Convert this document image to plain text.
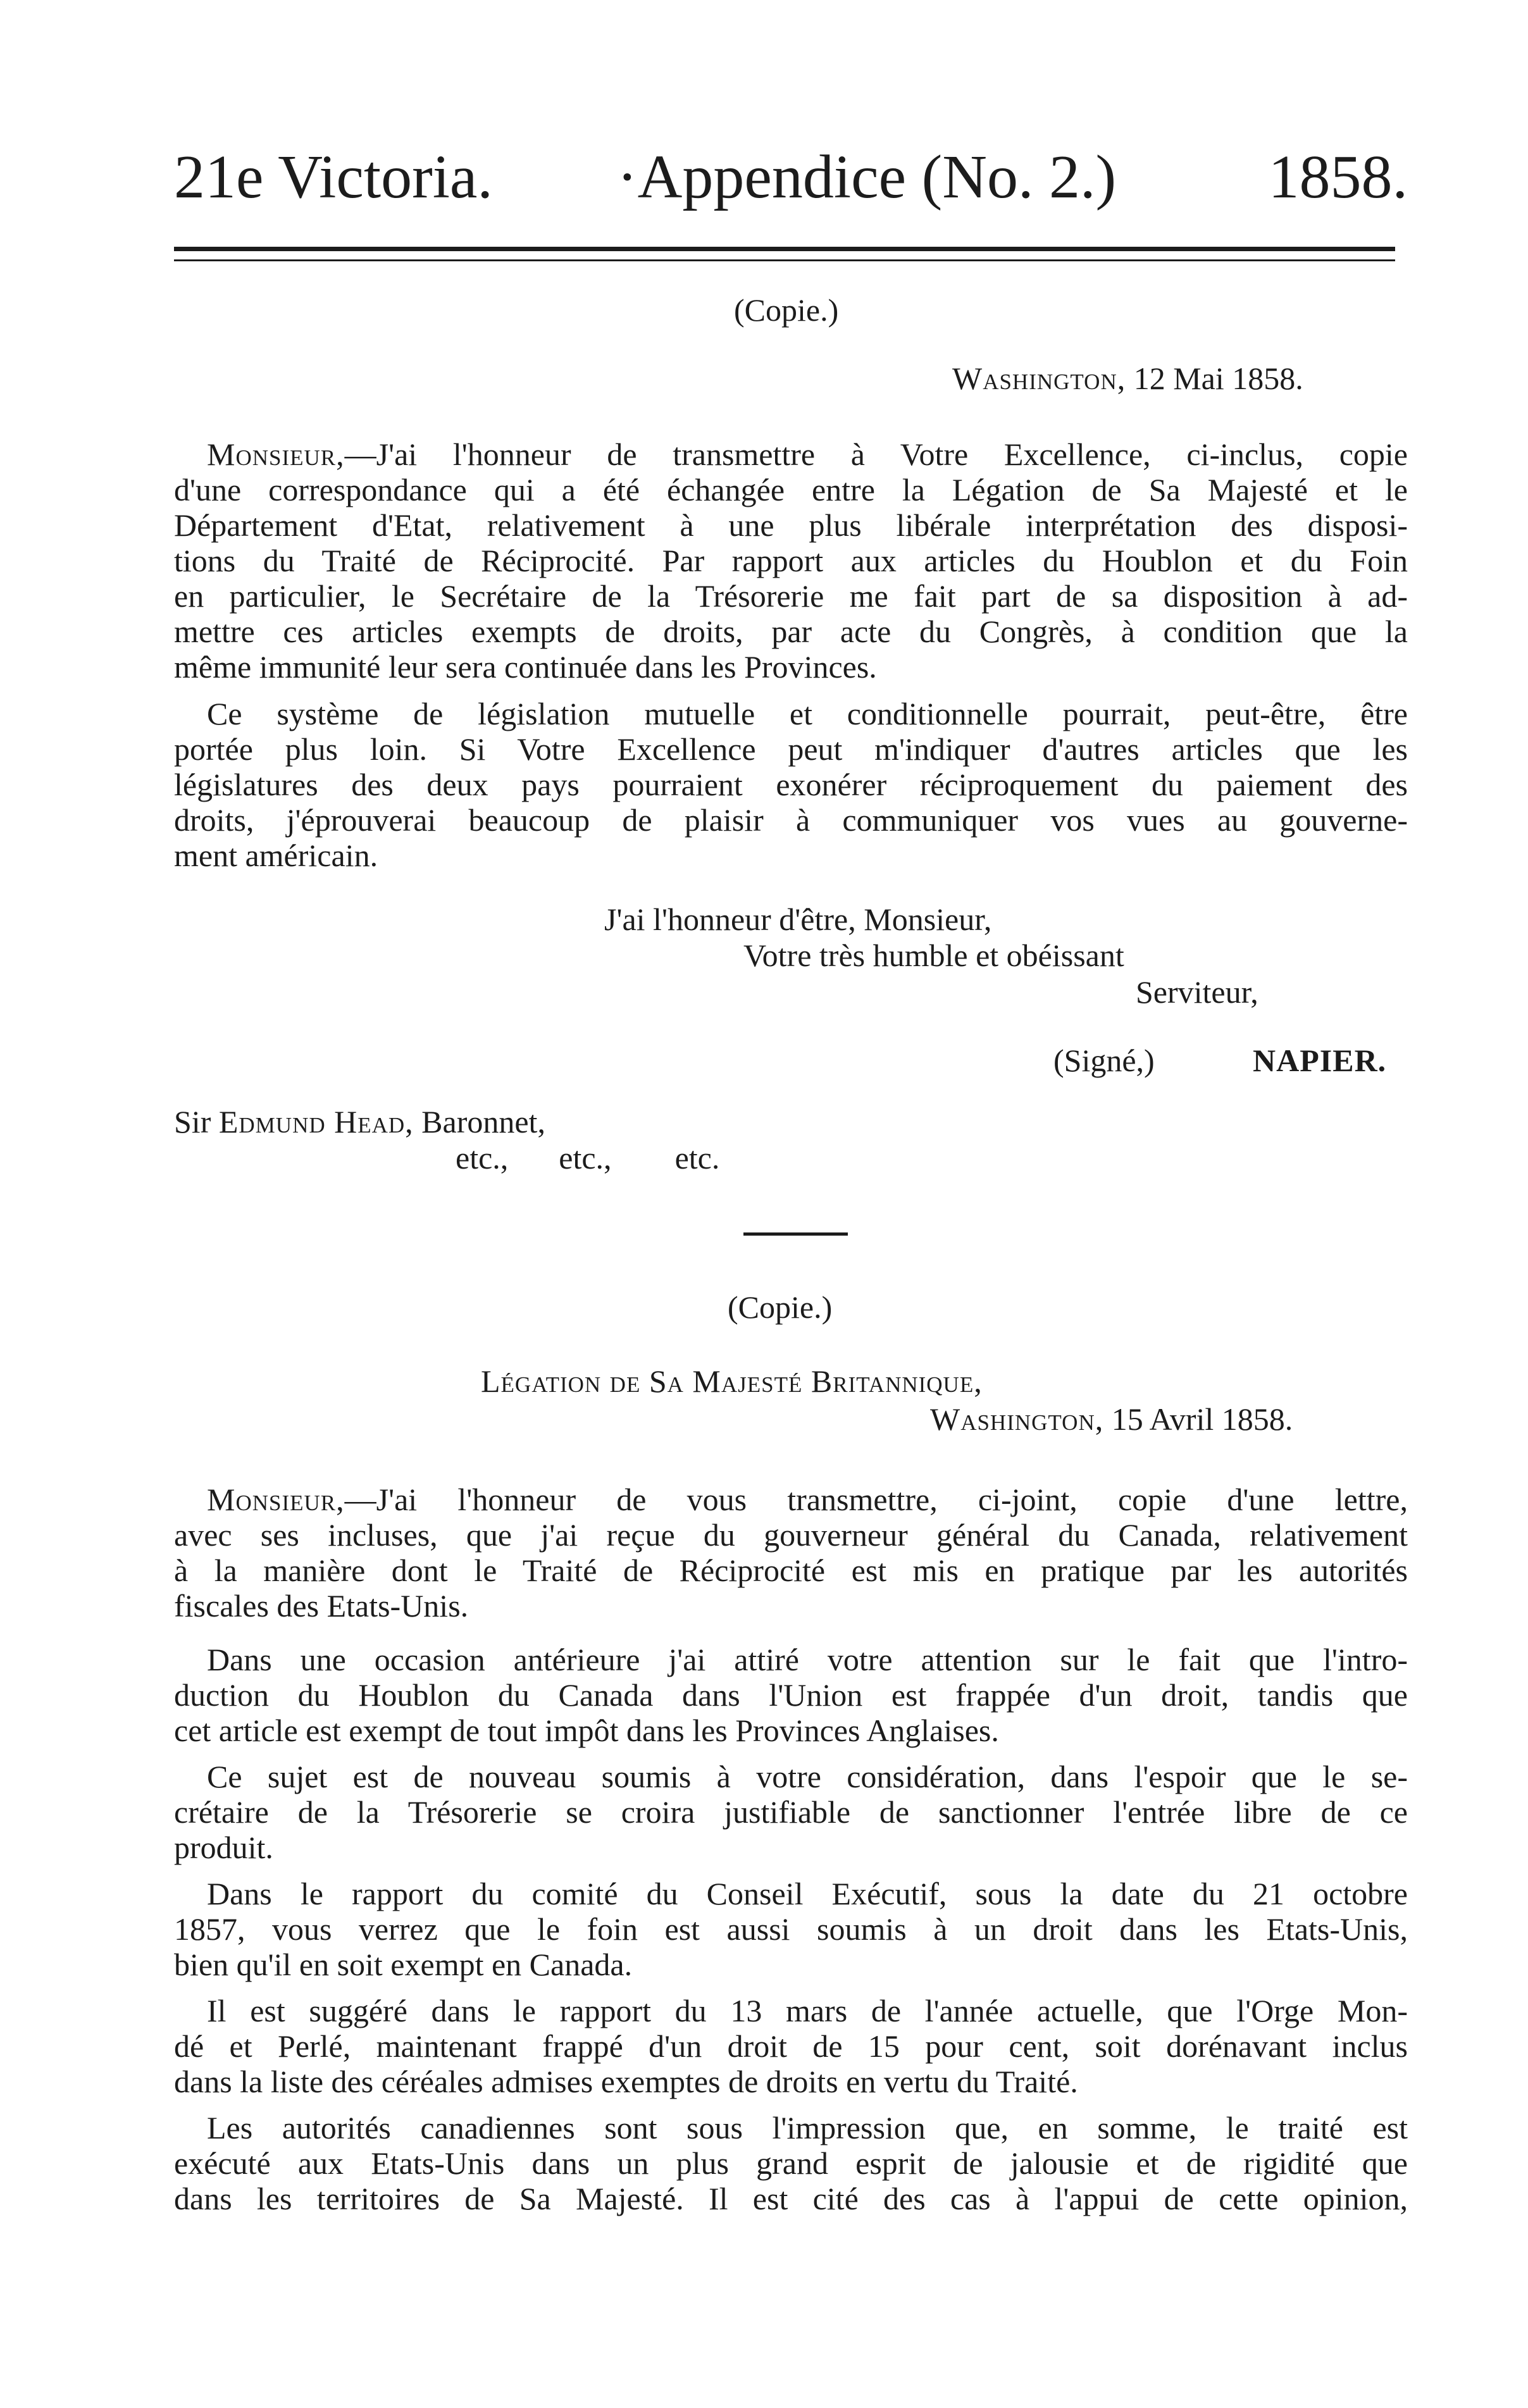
21e Victoria. ·Appendice (No. 2.) 1858.
(Copie.)
Washington, 12 Mai 1858.
Monsieur,—J'ai l'honneur de transmettre à Votre Excellence, ci-inclus, copie
d'une correspondance qui a été échangée entre la Légation de Sa Majesté et le
Département d'Etat, relativement à une plus libérale interprétation des disposi-
tions du Traité de Réciprocité. Par rapport aux articles du Houblon et du Foin
en particulier, le Secrétaire de la Trésorerie me fait part de sa disposition à ad-
mettre ces articles exempts de droits, par acte du Congrès, à condition que la
même immunité leur sera continuée dans les Provinces.
Ce système de législation mutuelle et conditionnelle pourrait, peut-être, être
portée plus loin. Si Votre Excellence peut m'indiquer d'autres articles que les
législatures des deux pays pourraient exonérer réciproquement du paiement des
droits, j'éprouverai beaucoup de plaisir à communiquer vos vues au gouverne-
ment américain.
J'ai l'honneur d'être, Monsieur,
Votre très humble et obéissant
Serviteur,
(Signé,)	NAPIER.
Sir Edmund Head, Baronnet,
etc., etc., etc.
(Copie.)
Légation de Sa Majesté Britannique,
Washington, 15 Avril 1858.
Monsieur,—J'ai l'honneur de vous transmettre, ci-joint, copie d'une lettre,
avec ses incluses, que j'ai reçue du gouverneur général du Canada, relativement
à la manière dont le Traité de Réciprocité est mis en pratique par les autorités
fiscales des Etats-Unis.
Dans une occasion antérieure j'ai attiré votre attention sur le fait que l'intro-
duction du Houblon du Canada dans l'Union est frappée d'un droit, tandis que
cet article est exempt de tout impôt dans les Provinces Anglaises.
Ce sujet est de nouveau soumis à votre considération, dans l'espoir que le se-
crétaire de la Trésorerie se croira justifiable de sanctionner l'entrée libre de ce
produit.
Dans le rapport du comité du Conseil Exécutif, sous la date du 21 octobre
1857, vous verrez que le foin est aussi soumis à un droit dans les Etats-Unis,
bien qu'il en soit exempt en Canada.
Il est suggéré dans le rapport du 13 mars de l'année actuelle, que l'Orge Mon-
dé et Perlé, maintenant frappé d'un droit de 15 pour cent, soit dorénavant inclus
dans la liste des céréales admises exemptes de droits en vertu du Traité.
Les autorités canadiennes sont sous l'impression que, en somme, le traité est
exécuté aux Etats-Unis dans un plus grand esprit de jalousie et de rigidité que
dans les territoires de Sa Majesté. Il est cité des cas à l'appui de cette opinion,
